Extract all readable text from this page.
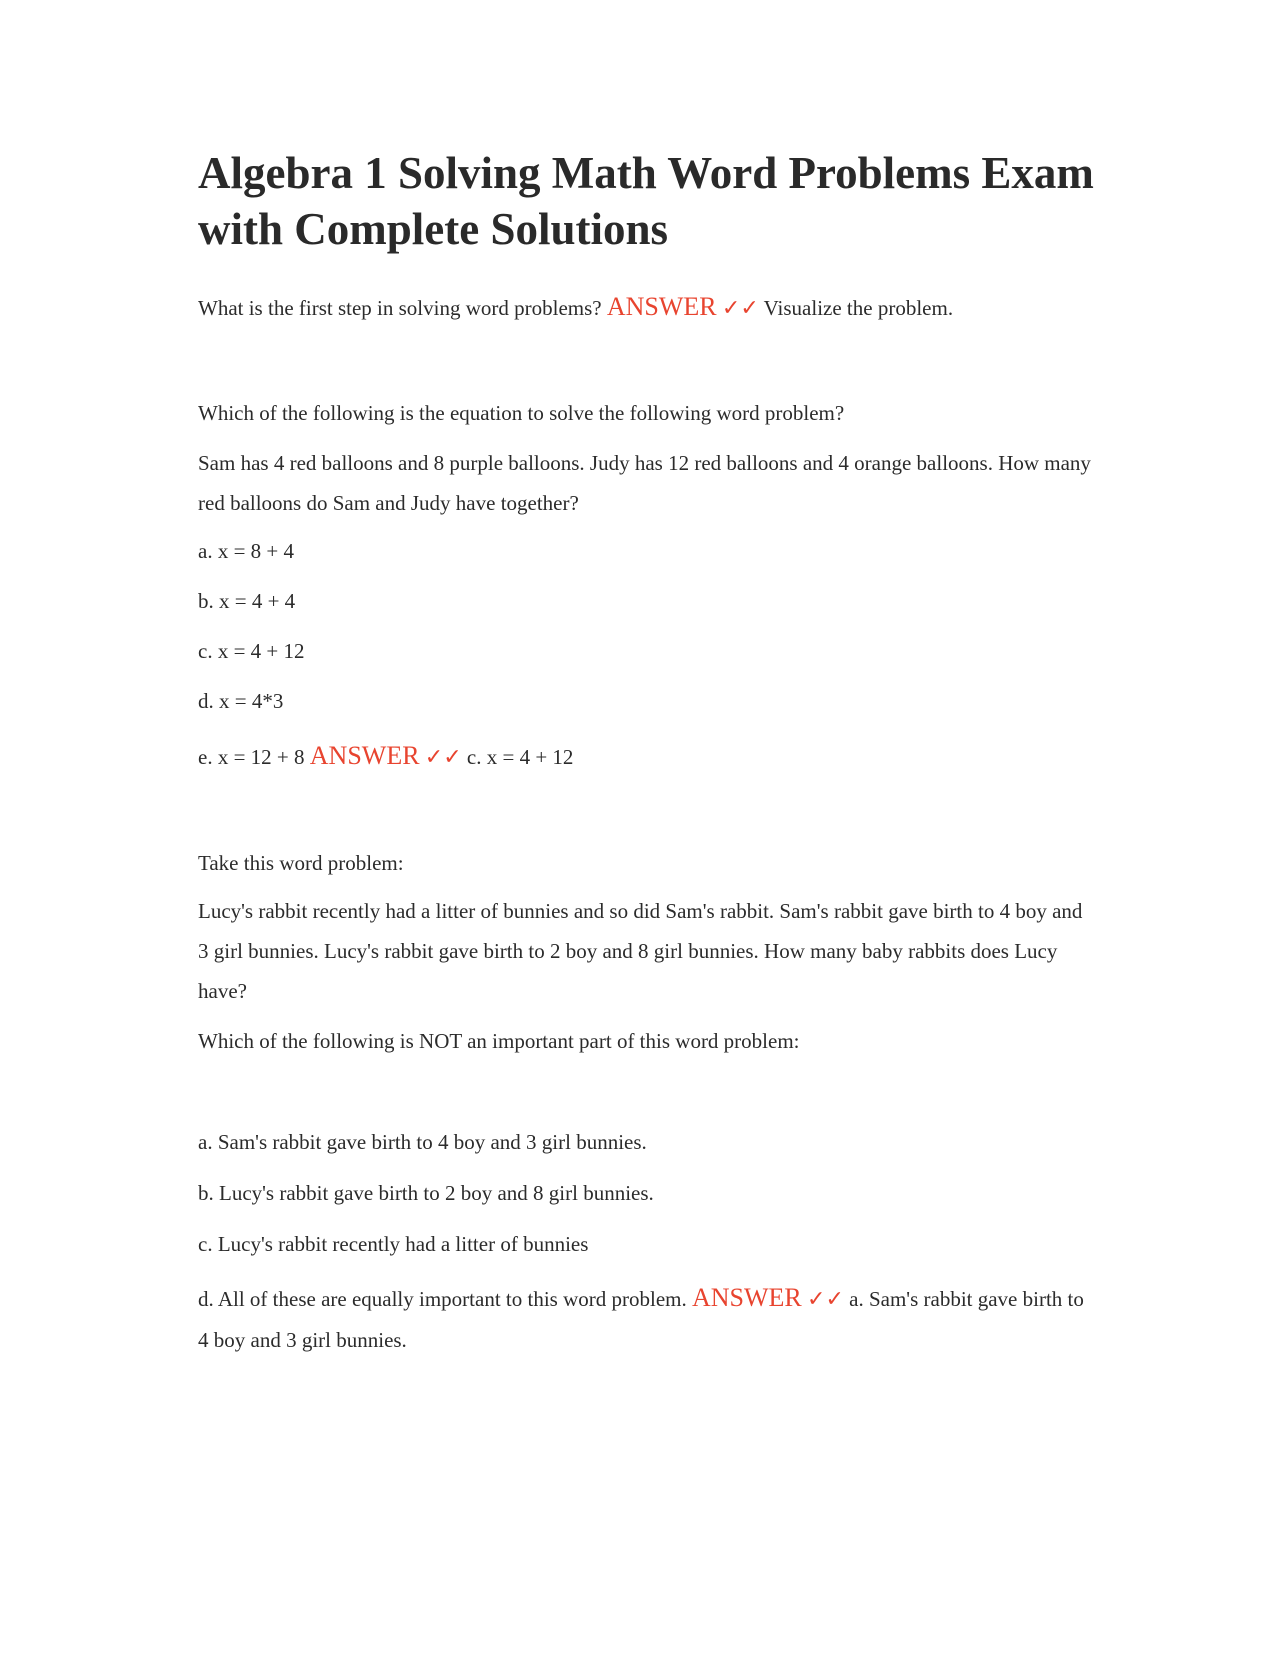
Algebra 1 Solving Math Word Problems Exam with Complete Solutions

What is the first step in solving word problems? ANSWER ✓✓ Visualize the problem.

Which of the following is the equation to solve the following word problem?

Sam has 4 red balloons and 8 purple balloons. Judy has 12 red balloons and 4 orange balloons. How many red balloons do Sam and Judy have together?

a. x = 8 + 4

b. x = 4 + 4

c. x = 4 + 12

d. x = 4*3

e. x = 12 + 8 ANSWER ✓✓ c. x = 4 + 12

Take this word problem:

Lucy's rabbit recently had a litter of bunnies and so did Sam's rabbit. Sam's rabbit gave birth to 4 boy and 3 girl bunnies. Lucy's rabbit gave birth to 2 boy and 8 girl bunnies. How many baby rabbits does Lucy have?

Which of the following is NOT an important part of this word problem:

a. Sam's rabbit gave birth to 4 boy and 3 girl bunnies.

b. Lucy's rabbit gave birth to 2 boy and 8 girl bunnies.

c. Lucy's rabbit recently had a litter of bunnies

d. All of these are equally important to this word problem. ANSWER ✓✓ a. Sam's rabbit gave birth to 4 boy and 3 girl bunnies.
